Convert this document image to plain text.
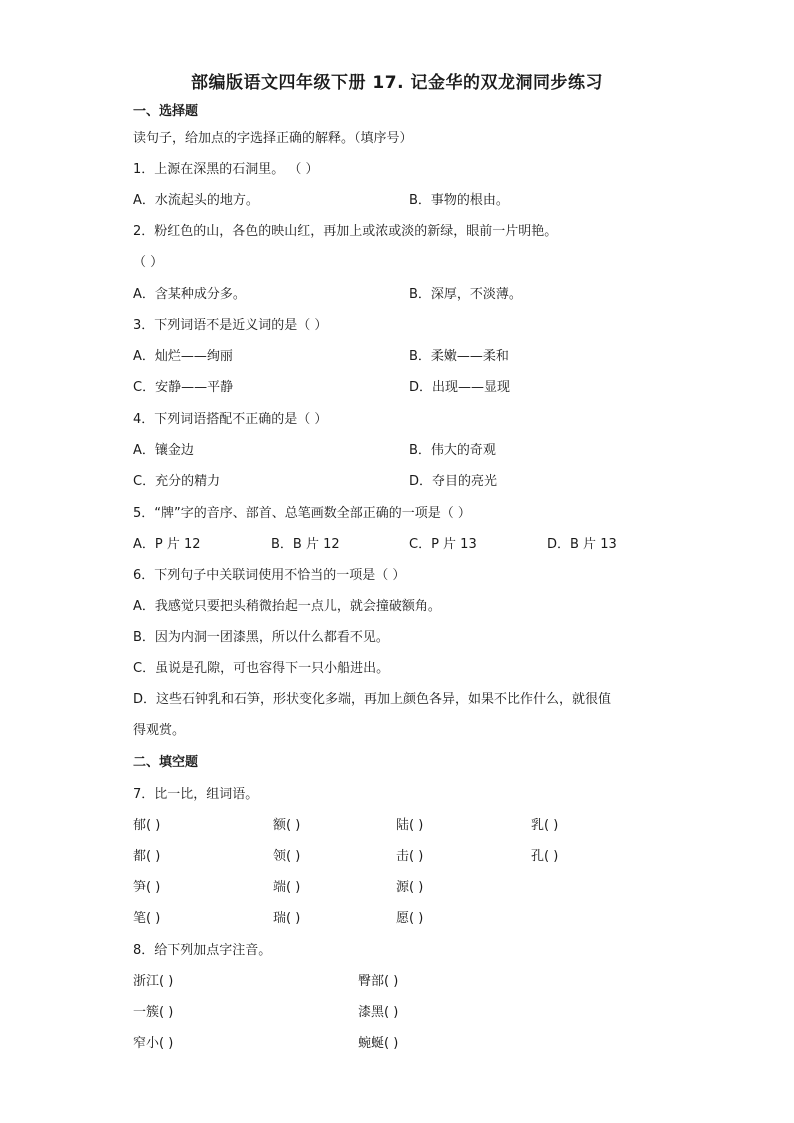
部编版语文四年级下册 17. 记金华的双龙洞同步练习
一、选择题
读句子，给加点的字选择正确的解释。（填序号）
1．上源在深黑的石洞里。 （ ）
A．水流起头的地方。	B．事物的根由。
2．粉红色的山，各色的映山红，再加上或浓或淡的新绿，眼前一片明艳。
（ ）
A．含某种成分多。	B．深厚，不淡薄。
3．下列词语不是近义词的是（ ）
A．灿烂——绚丽	B．柔嫩——柔和
C．安静——平静	D．出现——显现
4．下列词语搭配不正确的是（ ）
A．镶金边	B．伟大的奇观
C．充分的精力	D．夺目的亮光
5．“牌”字的音序、部首、总笔画数全部正确的一项是（ ）
A．P 片 12	B．B 片 12	C．P 片 13	D．B 片 13
6．下列句子中关联词使用不恰当的一项是（ ）
A．我感觉只要把头稍微抬起一点儿，就会撞破额角。
B．因为内洞一团漆黑，所以什么都看不见。
C．虽说是孔隙，可也容得下一只小船进出。
D．这些石钟乳和石笋，形状变化多端，再加上颜色各异，如果不比作什么，就很值
得观赏。
二、填空题
7．比一比，组词语。
郁( )	额( )	陆( )	乳( )
都( )	领( )	击( )	孔( )
笋( )	端( )	源( )
笔( )	瑞( )	愿( )
8．给下列加点字注音。
浙江( )	臀部( )
一簇( )	漆黑( )
窄小( )	蜿蜒( )
